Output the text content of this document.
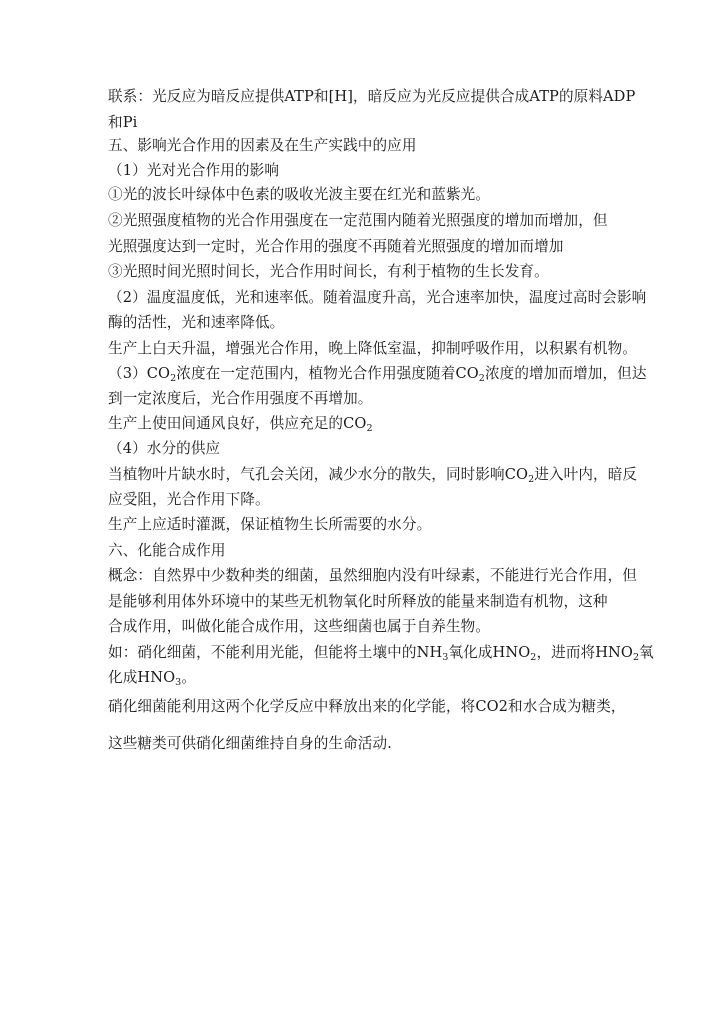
联系：光反应为暗反应提供ATP和[H]，暗反应为光反应提供合成ATP的原料ADP
和Pi
五、影响光合作用的因素及在生产实践中的应用
（1）光对光合作用的影响
①光的波长叶绿体中色素的吸收光波主要在红光和蓝紫光。
②光照强度植物的光合作用强度在一定范围内随着光照强度的增加而增加，但
光照强度达到一定时，光合作用的强度不再随着光照强度的增加而增加
③光照时间光照时间长，光合作用时间长，有利于植物的生长发育。
（2）温度温度低，光和速率低。随着温度升高，光合速率加快，温度过高时会影响
酶的活性，光和速率降低。
生产上白天升温，增强光合作用，晚上降低室温，抑制呼吸作用，以积累有机物。
$(3)CO_2$浓度在一定范围内，植物光合作用强度随着$CO_2$浓度的增加而增加，但达
到一定浓度后，光合作用强度不再增加。
生产上使田间通风良好，供应充足的$CO_2$
（4）水分的供应
当植物叶片缺水时，气孔会关闭，减少水分的散失，同时影响$CO_2$进入叶内，暗反
应受阻，光合作用下降。
生产上应适时灌溉，保证植物生长所需要的水分。
六、化能合成作用
概念：自然界中少数种类的细菌，虽然细胞内没有叶绿素，不能进行光合作用，但
是能够利用体外环境中的某些无机物氧化时所释放的能量来制造有机物，这种
合成作用，叫做化能合成作用，这些细菌也属于自养生物。
如：硝化细菌，不能利用光能，但能将土壤中的$NH_3$氧化成$HNO_2$，进而将$HNO_2$氧
化成$HNO_3$。
硝化细菌能利用这两个化学反应中释放出来的化学能，将CO2和水合成为糖类，
这些糖类可供硝化细菌维持自身的生命活动.
